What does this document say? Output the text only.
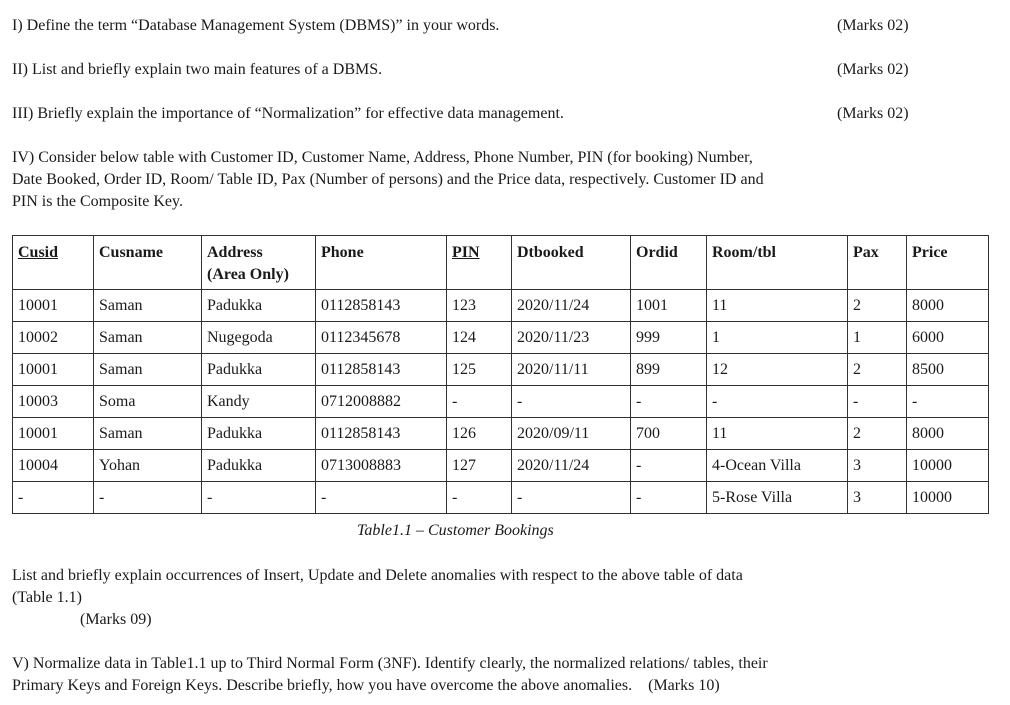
I) Define the term “Database Management System (DBMS)” in your words.	(Marks 02)
II) List and briefly explain two main features of a DBMS.	(Marks 02)
III) Briefly explain the importance of “Normalization” for effective data management.	(Marks 02)
IV) Consider below table with Customer ID, Customer Name, Address, Phone Number, PIN (for booking) Number,
Date Booked, Order ID, Room/ Table ID, Pax (Number of persons) and the Price data, respectively. Customer ID and
PIN is the Composite Key.
Cusid	Cusname	Address
(Area Only)	Phone	PIN	Dtbooked	Ordid	Room/tbl	Pax	Price
10001	Saman	Padukka	0112858143	123	2020/11/24	1001	11	2	8000
10002	Saman	Nugegoda	0112345678	124	2020/11/23	999	1	1	6000
10001	Saman	Padukka	0112858143	125	2020/11/11	899	12	2	8500
10003	Soma	Kandy	0712008882	-	-	-	-	-	-
10001	Saman	Padukka	0112858143	126	2020/09/11	700	11	2	8000
10004	Yohan	Padukka	0713008883	127	2020/11/24	-	4-Ocean Villa	3	10000
-	-	-	-	-	-	-	5-Rose Villa	3	10000
Table1.1 – Customer Bookings
List and briefly explain occurrences of Insert, Update and Delete anomalies with respect to the above table of data
(Table 1.1)
(Marks 09)
V) Normalize data in Table1.1 up to Third Normal Form (3NF). Identify clearly, the normalized relations/ tables, their
Primary Keys and Foreign Keys. Describe briefly, how you have overcome the above anomalies. (Marks 10)
